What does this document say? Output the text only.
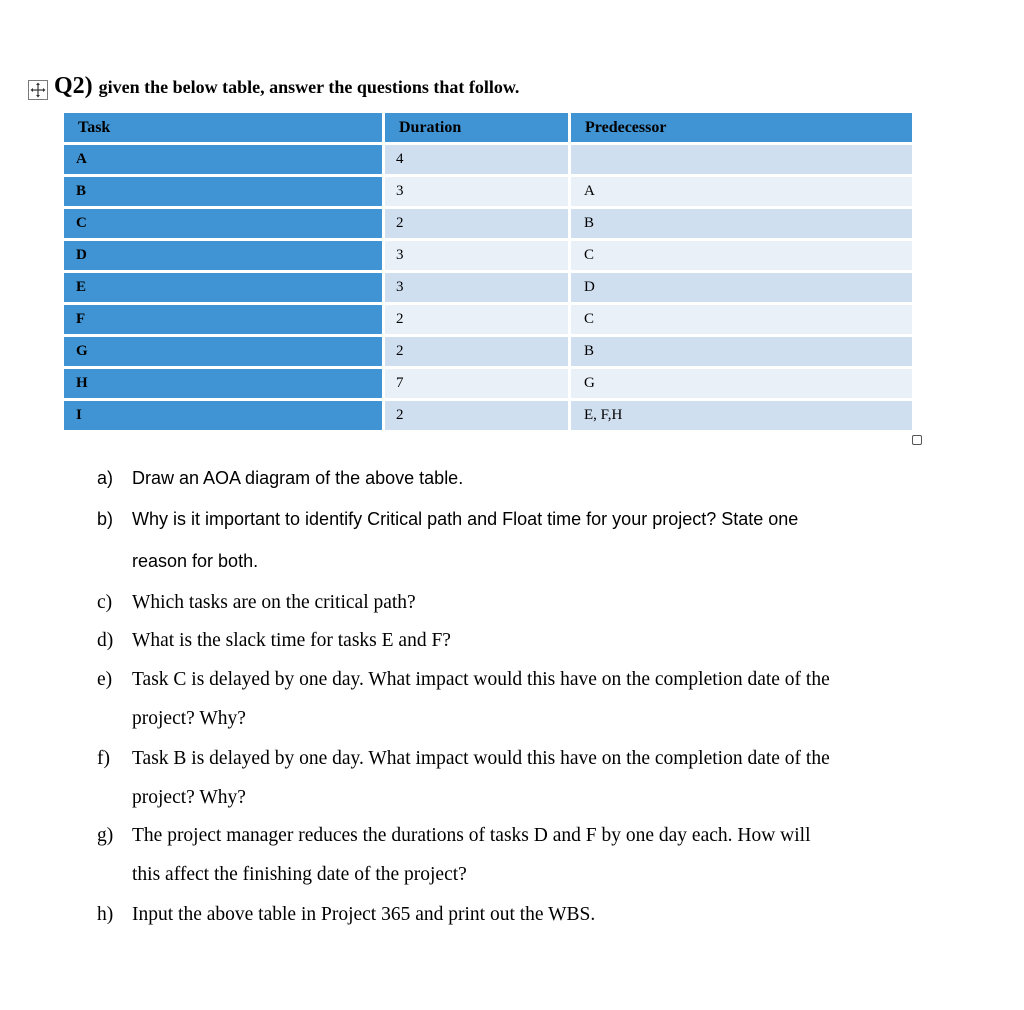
Q2) given the below table, answer the questions that follow.
Task	Duration	Predecessor
A	4	
B	3	A
C	2	B
D	3	C
E	3	D
F	2	C
G	2	B
H	7	G
I	2	E, F,H
a) Draw an AOA diagram of the above table.
b) Why is it important to identify Critical path and Float time for your project? State one
reason for both.
c) Which tasks are on the critical path?
d) What is the slack time for tasks E and F?
e) Task C is delayed by one day. What impact would this have on the completion date of the
project? Why?
f) Task B is delayed by one day. What impact would this have on the completion date of the
project? Why?
g) The project manager reduces the durations of tasks D and F by one day each. How will
this affect the finishing date of the project?
h) Input the above table in Project 365 and print out the WBS.
